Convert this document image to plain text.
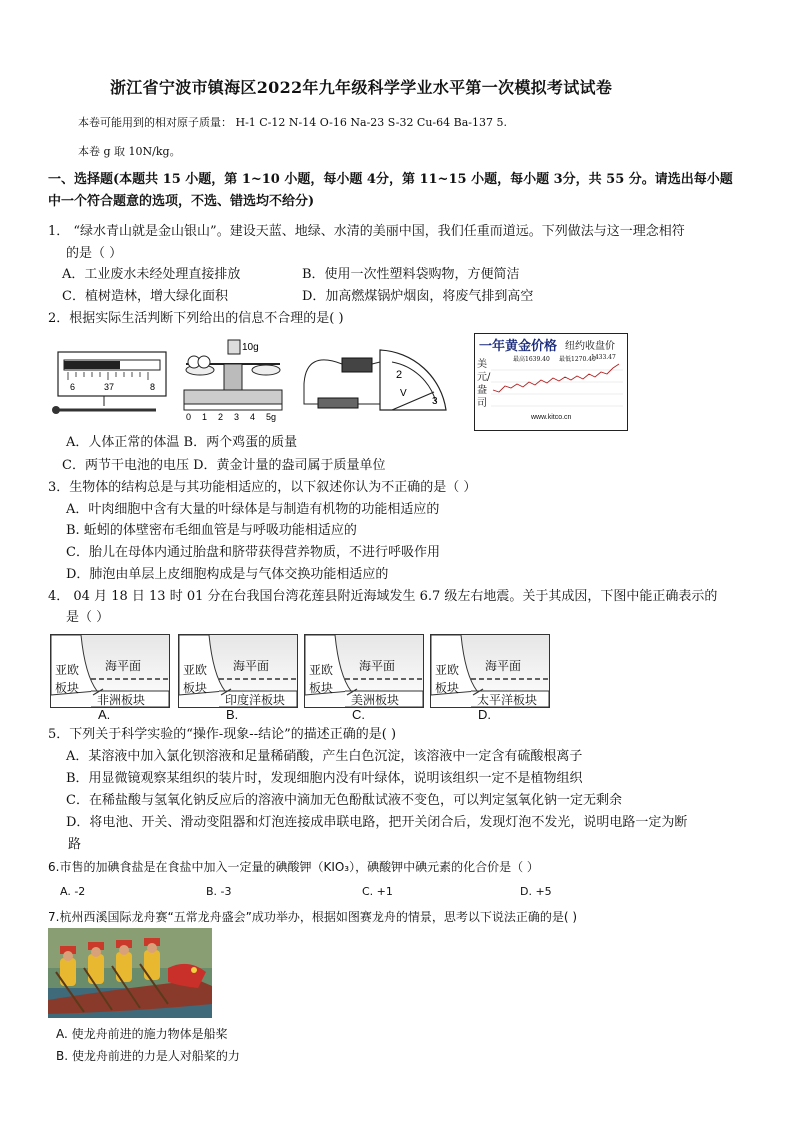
浙江省宁波市镇海区2022年九年级科学学业水平第一次模拟考试试卷
本卷可能用到的相对原子质量： H-1 C-12 N-14 O-16 Na-23 S-32 Cu-64 Ba-137 5.
本卷 g 取 10N/kg。
一、选择题(本题共 15 小题，第 1~10 小题，每小题 4分，第 11~15 小题，每小题 3分，共 55 分。请选出每小题
中一个符合题意的选项，不选、错选均不给分)
1． “绿水青山就是金山银山”。建设天蓝、地绿、水清的美丽中国，我们任重而道远。下列做法与这一理念相符
的是（ ）
A．工业废水未经处理直接排放	B．使用一次性塑料袋购物，方便简洁
C．植树造林，增大绿化面积	D．加高燃煤锅炉烟囱，将废气排到高空
2．根据实际生活判断下列给出的信息不合理的是( )
6	37	8
10g
0 1 2 3 4 5g
2
V
3
一年黄金价格 纽约收盘价
美元/盎司
最高1639.40 最低1270.40
1433.47
www.kitco.cn
A．人体正常的体温 B．两个鸡蛋的质量
C．两节干电池的电压 D．黄金计量的盎司属于质量单位
3．生物体的结构总是与其功能相适应的，以下叙述你认为不正确的是（ ）
A．叶肉细胞中含有大量的叶绿体是与制造有机物的功能相适应的
B. 蚯蚓的体壁密布毛细血管是与呼吸功能相适应的
C．胎儿在母体内通过胎盘和脐带获得营养物质，不进行呼吸作用
D．肺泡由单层上皮细胞构成是与气体交换功能相适应的
4． 04 月 18 日 13 时 01 分在台我国台湾花莲县附近海域发生 6.7 级左右地震。关于其成因，下图中能正确表示的
是（ ）
亚欧
板块
海平面
非洲板块
A.
亚欧
板块
海平面
印度洋板块
B.
亚欧
板块
海平面
美洲板块
C.
亚欧
板块
海平面
太平洋板块
D.
5．下列关于科学实验的“操作-现象--结论”的描述正确的是( )
A．某溶液中加入氯化钡溶液和足量稀硝酸，产生白色沉淀，该溶液中一定含有硫酸根离子
B．用显微镜观察某组织的装片时，发现细胞内没有叶绿体，说明该组织一定不是植物组织
C．在稀盐酸与氢氧化钠反应后的溶液中滴加无色酚酞试液不变色，可以判定氢氧化钠一定无剩余
D．将电池、开关、滑动变阻器和灯泡连接成串联电路，把开关闭合后，发现灯泡不发光，说明电路一定为断
路
6.市售的加碘食盐是在食盐中加入一定量的碘酸钾（KIO₃），碘酸钾中碘元素的化合价是（ ）
A. -2	B. -3	C. +1	D. +5
7.杭州西溪国际龙舟赛“五常龙舟盛会”成功举办，根据如图赛龙舟的情景，思考以下说法正确的是( )
A. 使龙舟前进的施力物体是船桨
B. 使龙舟前进的力是人对船桨的力
